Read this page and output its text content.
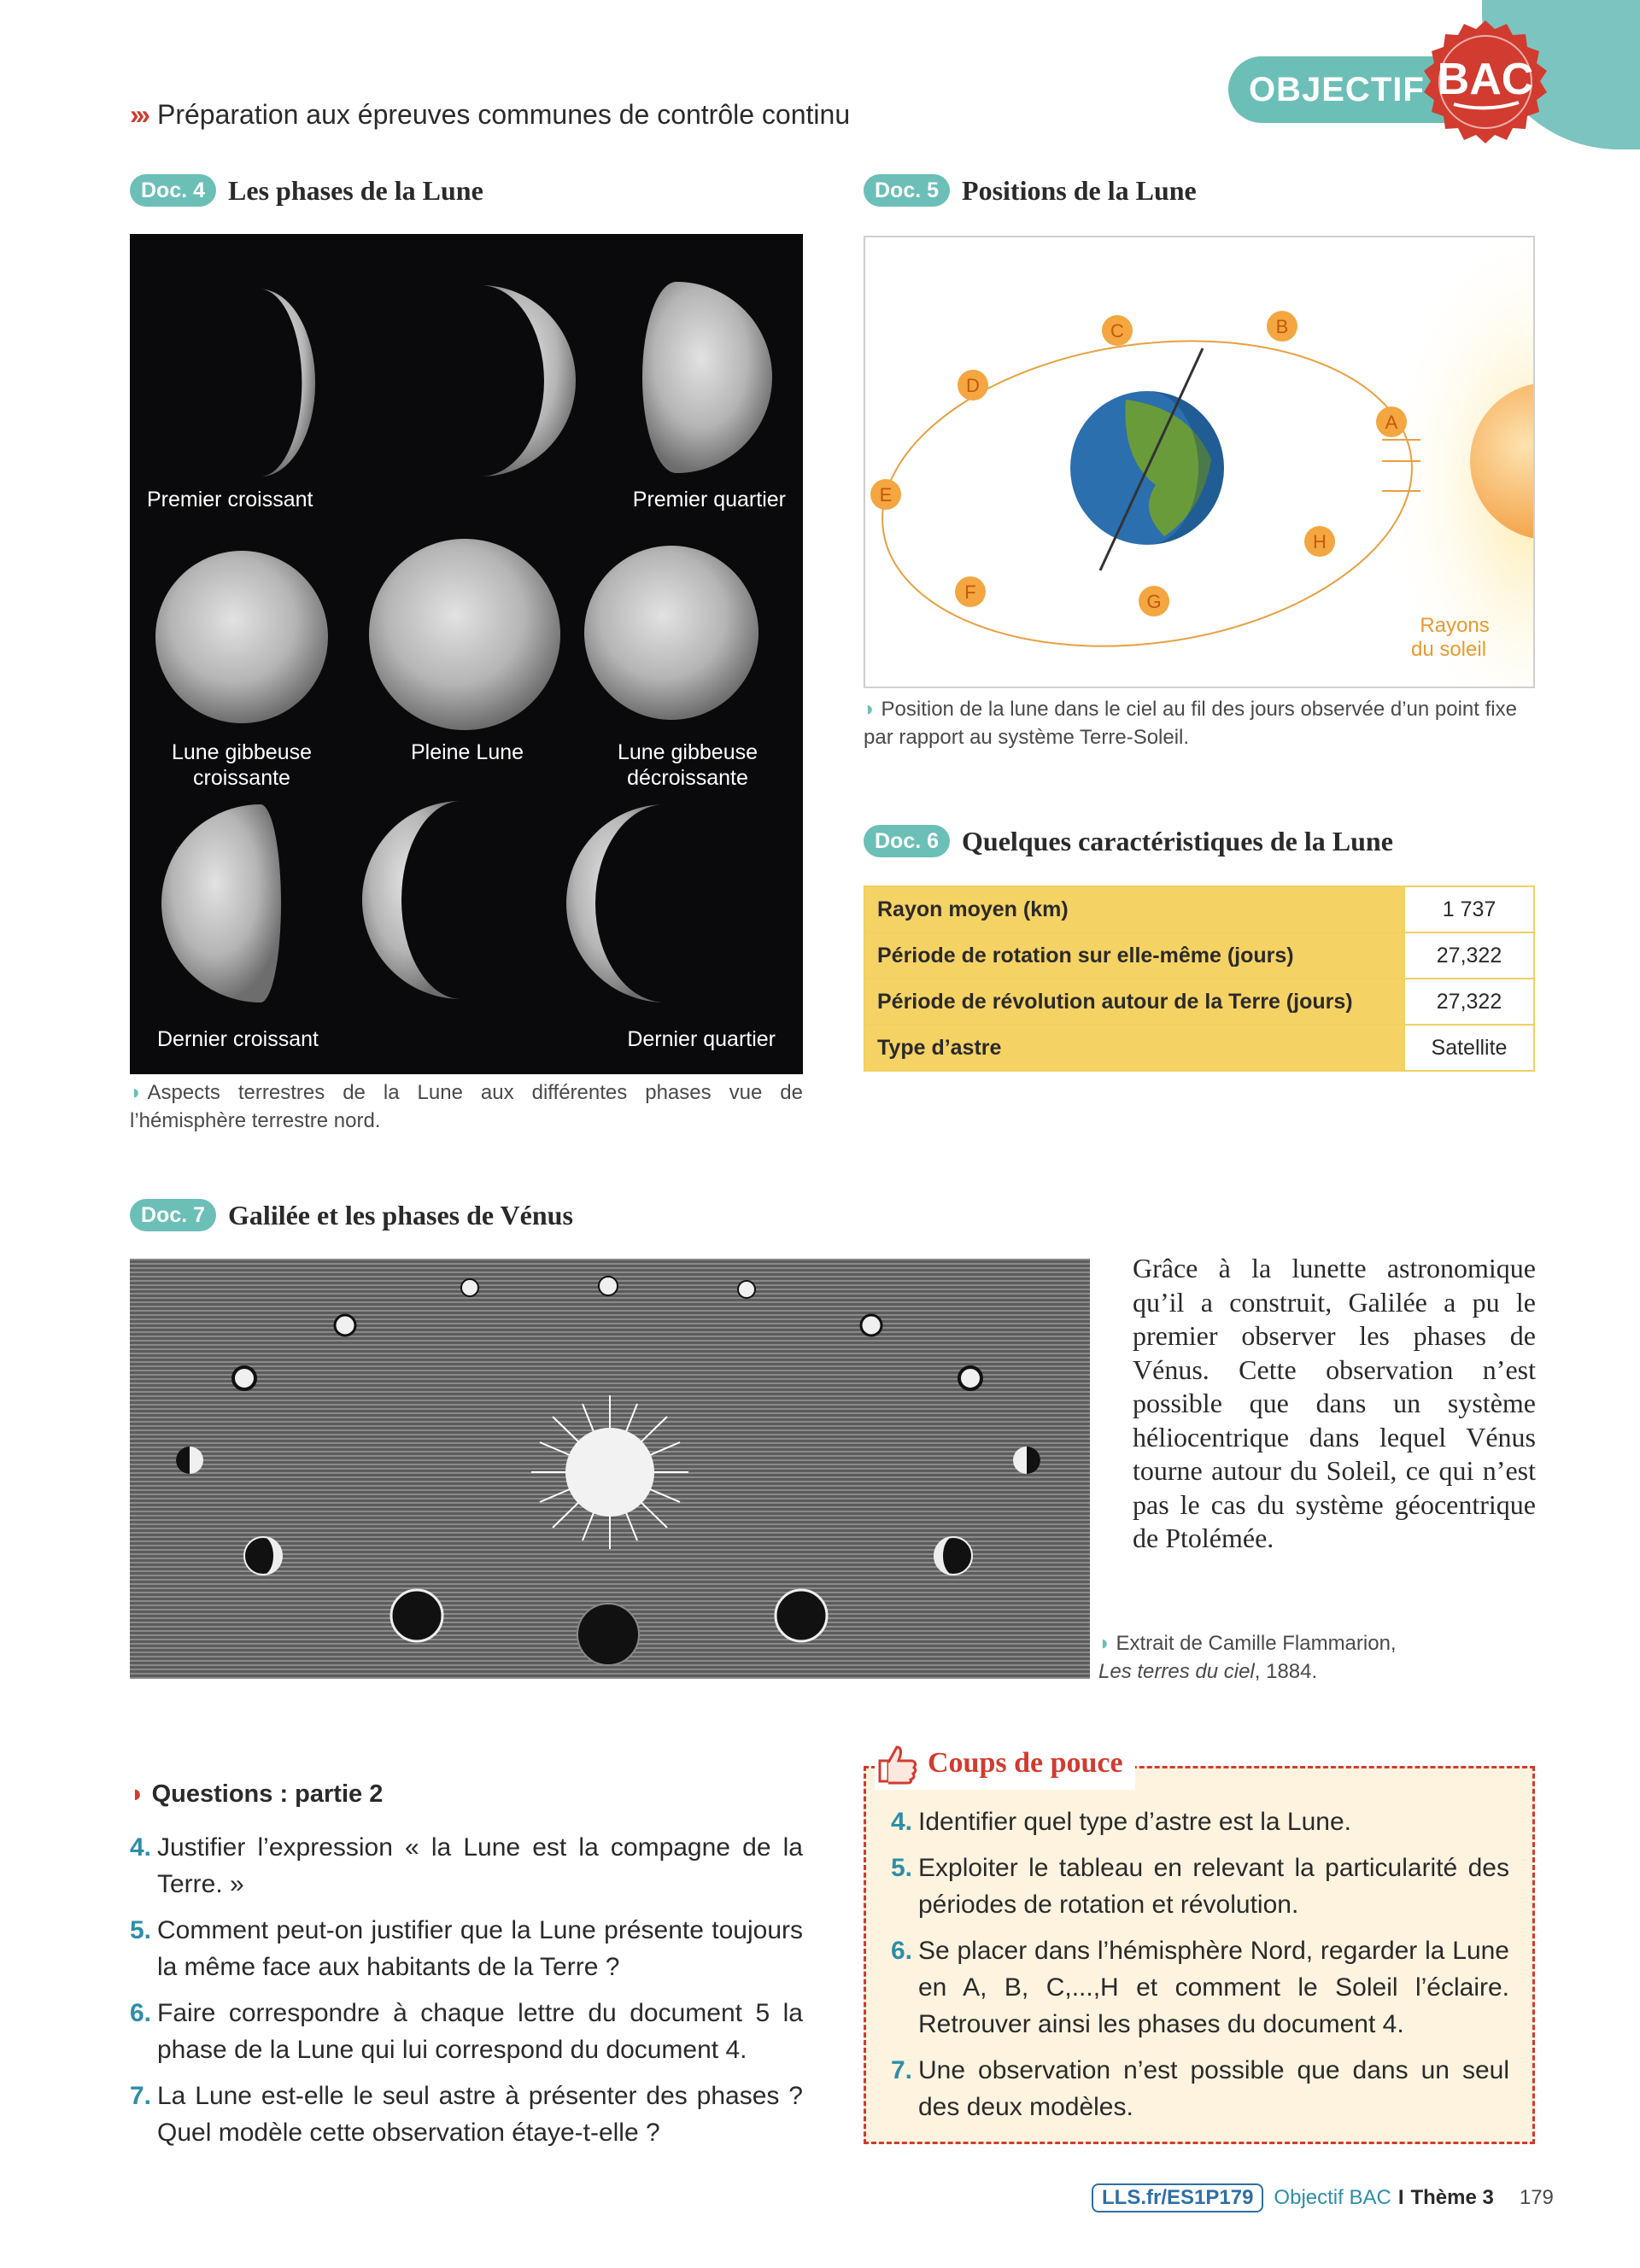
OBJECTIF BAC
››› Préparation aux épreuves communes de contrôle continu
Doc. 4 Les phases de la Lune
Premier croissant	Premier quartier
Lune gibbeuse croissante
Pleine Lune	Lune gibbeuse décroissante
Dernier croissant	Dernier quartier
◗ Aspects terrestres de la Lune aux différentes phases vue de l’hémisphère terrestre nord.
Doc. 5 Positions de la Lune
A
B
C
D
E
F	G
H
Rayons
du soleil
◗ Position de la lune dans le ciel au fil des jours observée d’un point fixe par rapport au système Terre-Soleil.
Doc. 6 Quelques caractéristiques de la Lune
Rayon moyen (km)	1 737
Période de rotation sur elle-même (jours)	27,322
Période de révolution autour de la Terre (jours)	27,322
Type d’astre	Satellite
Doc. 7 Galilée et les phases de Vénus
Grâce à la lunette astronomique qu’il a construit, Galilée a pu le premier observer les phases de Vénus. Cette observation n’est possible que dans un système héliocentrique dans lequel Vénus tourne autour du Soleil, ce qui n’est pas le cas du système géocentrique de Ptolémée.
◗ Extrait de Camille Flammarion,
Les terres du ciel, 1884.
◗ Questions : partie 2
4. Justifier l’expression « la Lune est la compagne de la Terre. »
5. Comment peut-on justifier que la Lune présente toujours la même face aux habitants de la Terre ?
6. Faire correspondre à chaque lettre du document 5 la phase de la Lune qui lui correspond du document 4.
7. La Lune est-elle le seul astre à présenter des phases ? Quel modèle cette observation étaye-t-elle ?
Coups de pouce
4. Identifier quel type d’astre est la Lune.
5. Exploiter le tableau en relevant la particularité des périodes de rotation et révolution.
6. Se placer dans l’hémisphère Nord, regarder la Lune en A, B, C,...,H et comment le Soleil l’éclaire. Retrouver ainsi les phases du document 4.
7. Une observation n’est possible que dans un seul des deux modèles.
LLS.fr/ES1P179	Objectif BAC I Thème 3 179
